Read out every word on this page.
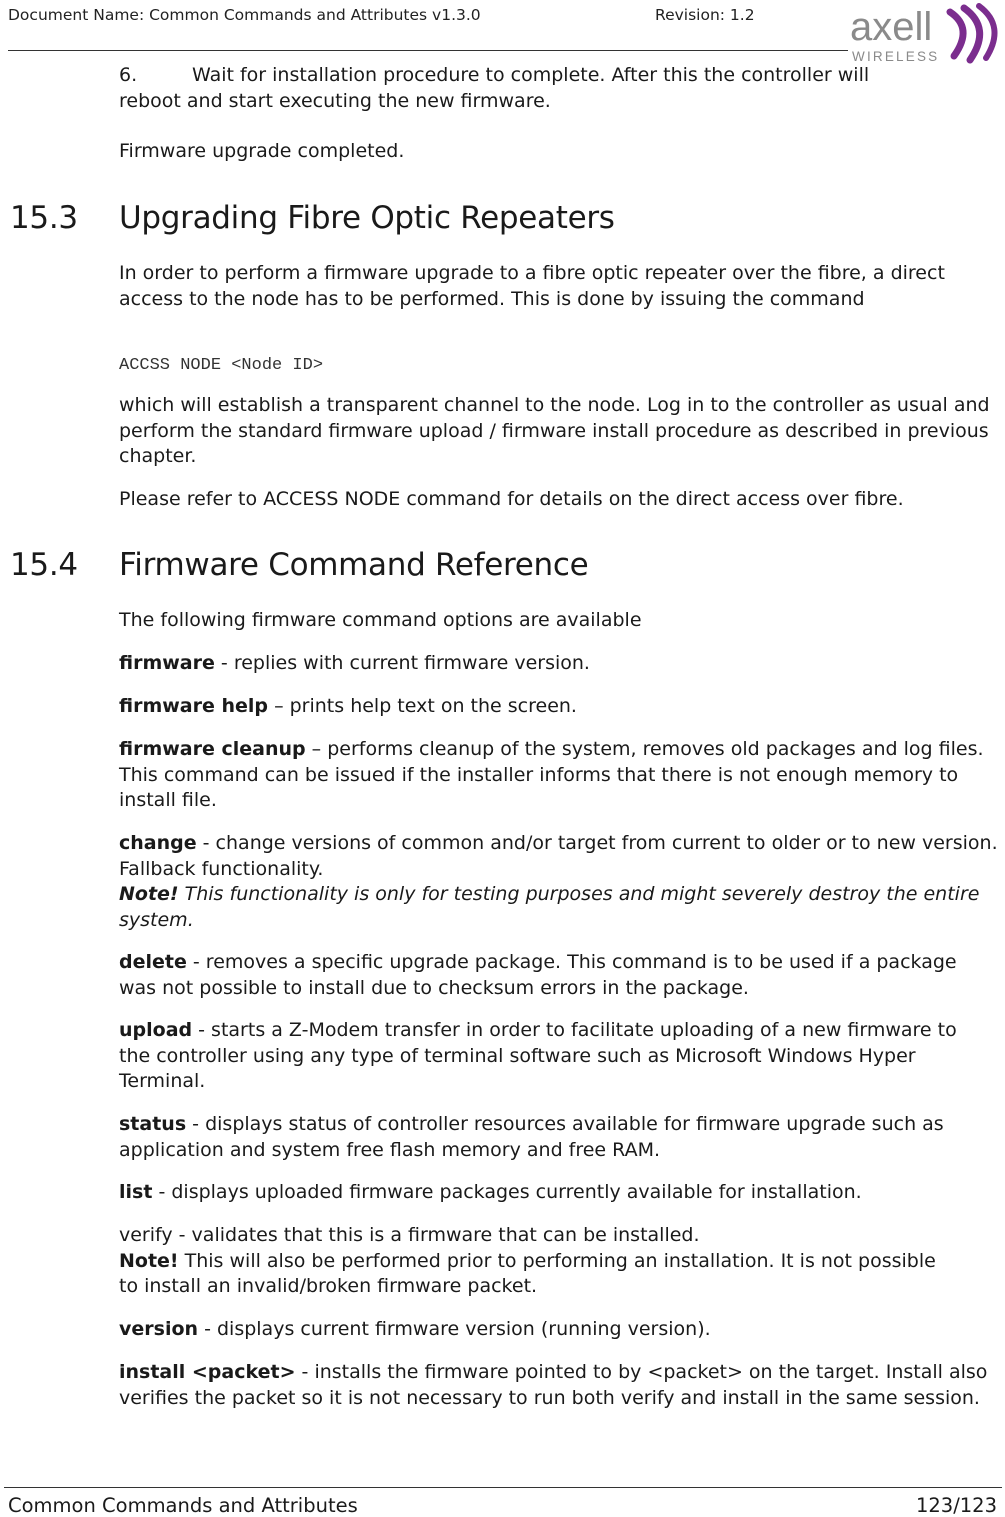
Document Name: Common Commands and Attributes v1.3.0	Revision: 1.2 axell
WIRELESS
6.	Wait for installation procedure to complete. After this the controller will
reboot and start executing the new firmware.
Firmware upgrade completed.
15.3 Upgrading Fibre Optic Repeaters
In order to perform a firmware upgrade to a fibre optic repeater over the fibre, a direct access to the node has to be performed. This is done by issuing the command
ACCSS NODE <Node ID>
which will establish a transparent channel to the node. Log in to the controller as usual and perform the standard firmware upload / firmware install procedure as described in previous chapter.
Please refer to ACCESS NODE command for details on the direct access over fibre.
15.4 Firmware Command Reference
The following firmware command options are available
firmware - replies with current firmware version.
firmware help – prints help text on the screen.
firmware cleanup – performs cleanup of the system, removes old packages and log files. This command can be issued if the installer informs that there is not enough memory to install file.
change - change versions of common and/or target from current to older or to new version. Fallback functionality.
Note! This functionality is only for testing purposes and might severely destroy the entire system.
delete - removes a specific upgrade package. This command is to be used if a package was not possible to install due to checksum errors in the package.
upload - starts a Z-Modem transfer in order to facilitate uploading of a new firmware to the controller using any type of terminal software such as Microsoft Windows Hyper Terminal.
status - displays status of controller resources available for firmware upgrade such as application and system free flash memory and free RAM.
list - displays uploaded firmware packages currently available for installation.
verify - validates that this is a firmware that can be installed.
Note! This will also be performed prior to performing an installation. It is not possible to install an invalid/broken firmware packet.
version - displays current firmware version (running version).
install <packet> - installs the firmware pointed to by <packet> on the target. Install also verifies the packet so it is not necessary to run both verify and install in the same session.
Common Commands and Attributes	123/123
